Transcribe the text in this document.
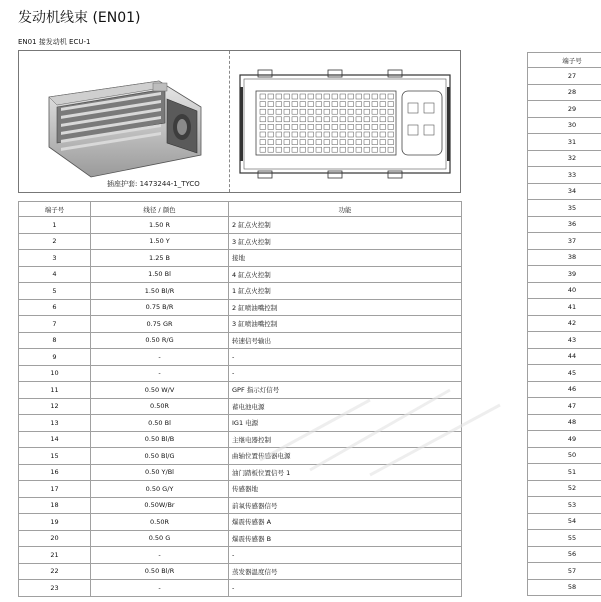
发动机线束 (EN01)
EN01 接发动机 ECU-1
插座护套: 1473244-1_TYCO
端子号	线径 / 颜色	功能
1	1.50 R	2 缸点火控制
2	1.50 Y	3 缸点火控制
3	1.25 B	接地
4	1.50 Bl	4 缸点火控制
5	1.50 Bl/R	1 缸点火控制
6	0.75 B/R	2 缸喷油嘴控制
7	0.75 GR	3 缸喷油嘴控制
8	0.50 R/G	转速信号输出
9	-	-
10	-	-
11	0.50 W/V	GPF 指示灯信号
12	0.50R	蓄电池电源
13	0.50 Bl	IG1 电源
14	0.50 Bl/B	主继电器控制
15	0.50 Bl/G	曲轴位置传感器电源
16	0.50 Y/Bl	油门踏板位置信号 1
17	0.50 G/Y	传感器地
18	0.50W/Br	前氧传感器信号
19	0.50R	爆震传感器 A
20	0.50 G	爆震传感器 B
21	-	-
22	0.50 Bl/R	蒸发器温度信号
23	-	-
端子号
27
28
29
30
31
32
33
34
35
36
37
38
39
40
41
42
43
44
45
46
47
48
49
50
51
52
53
54
55
56
57
58
